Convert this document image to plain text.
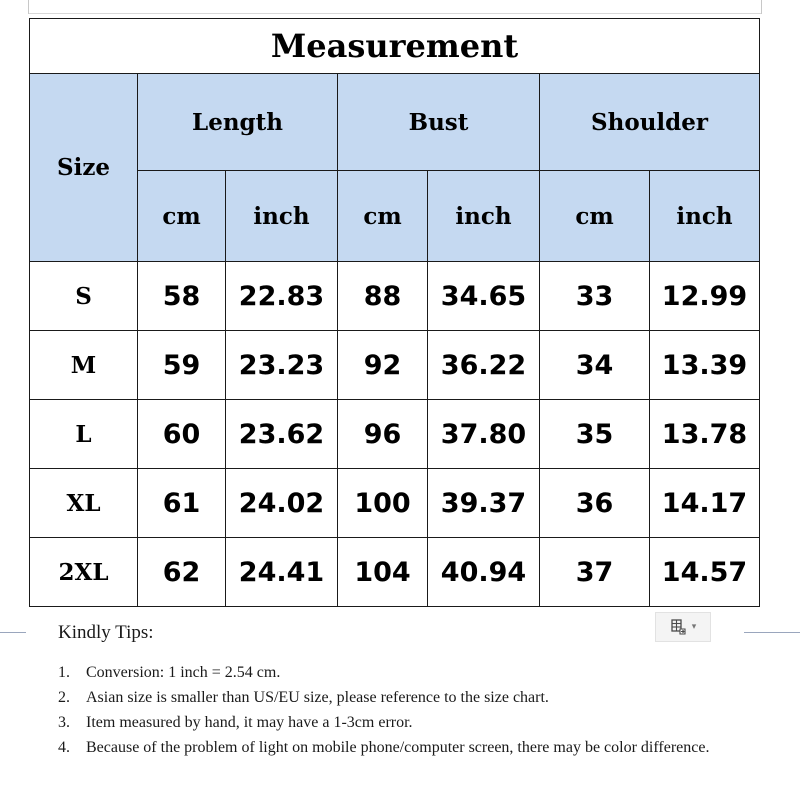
Measurement						
Size	Length		Bust		Shoulder	
	cm	inch	cm	inch	cm	inch
S	58	22.83	88	34.65	33	12.99
M	59	23.23	92	36.22	34	13.39
L	60	23.62	96	37.80	35	13.78
XL	61	24.02	100	39.37	36	14.17
2XL	62	24.41	104	40.94	37	14.57
▾

Kindly Tips:

1. Conversion: 1 inch = 2.54 cm.
2. Asian size is smaller than US/EU size, please reference to the size chart.
3. Item measured by hand, it may have a 1-3cm error.
4. Because of the problem of light on mobile phone/computer screen, there may be color difference.
